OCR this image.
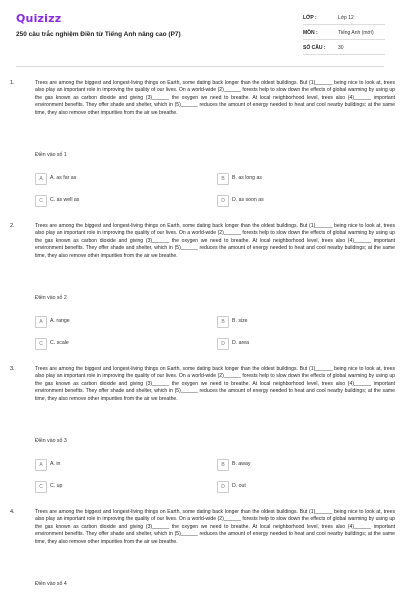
Quizizz
250 câu trắc nghiệm Điền từ Tiếng Anh nâng cao (P7)
LỚP :	Lớp 12
MÔN :	Tiếng Anh (mới)
SỐ CÂU :	30
1.	Trees are among the biggest and longest-living things on Earth, some dating back longer than the oldest buildings. But (1)______ being nice to look at, trees also play an important role in improving the quality of our lives. On a world-wide (2)______ forests help to slow down the effects of global warming by using up the gas known as carbon dioxide and giving (3)______ the oxygen we need to breathe. At local neighborhood level, trees also (4)______ important environment benefits. They offer shade and shelter, which in (5)______ reduces the amount of energy needed to heat and cool nearby buildings; at the same time, they also remove other impurities from the air we breathe.
Điền vào số 1
A	A. as far as	B	B. as long as
C	C. as well as	D	D. as soon as
2.	Trees are among the biggest and longest-living things on Earth, some dating back longer than the oldest buildings. But (1)______ being nice to look at, trees also play an important role in improving the quality of our lives. On a world-wide (2)______ forests help to slow down the effects of global warming by using up the gas known as carbon dioxide and giving (3)______ the oxygen we need to breathe. At local neighborhood level, trees also (4)______ important environment benefits. They offer shade and shelter, which in (5)______ reduces the amount of energy needed to heat and cool nearby buildings; at the same time, they also remove other impurities from the air we breathe.
Điền vào số 2
A	A. range	B	B. size
C	C. scale	D	D. area
3.	Trees are among the biggest and longest-living things on Earth, some dating back longer than the oldest buildings. But (1)______ being nice to look at, trees also play an important role in improving the quality of our lives. On a world-wide (2)______ forests help to slow down the effects of global warming by using up the gas known as carbon dioxide and giving (3)______ the oxygen we need to breathe. At local neighborhood level, trees also (4)______ important environment benefits. They offer shade and shelter, which in (5)______ reduces the amount of energy needed to heat and cool nearby buildings; at the same time, they also remove other impurities from the air we breathe.
Điền vào số 3
A	A. in	B	B. away
C	C. up	D	D. out
4.	Trees are among the biggest and longest-living things on Earth, some dating back longer than the oldest buildings. But (1)______ being nice to look at, trees also play an important role in improving the quality of our lives. On a world-wide (2)______ forests help to slow down the effects of global warming by using up the gas known as carbon dioxide and giving (3)______ the oxygen we need to breathe. At local neighborhood level, trees also (4)______ important environment benefits. They offer shade and shelter, which in (5)______ reduces the amount of energy needed to heat and cool nearby buildings; at the same time, they also remove other impurities from the air we breathe.
Điền vào số 4
